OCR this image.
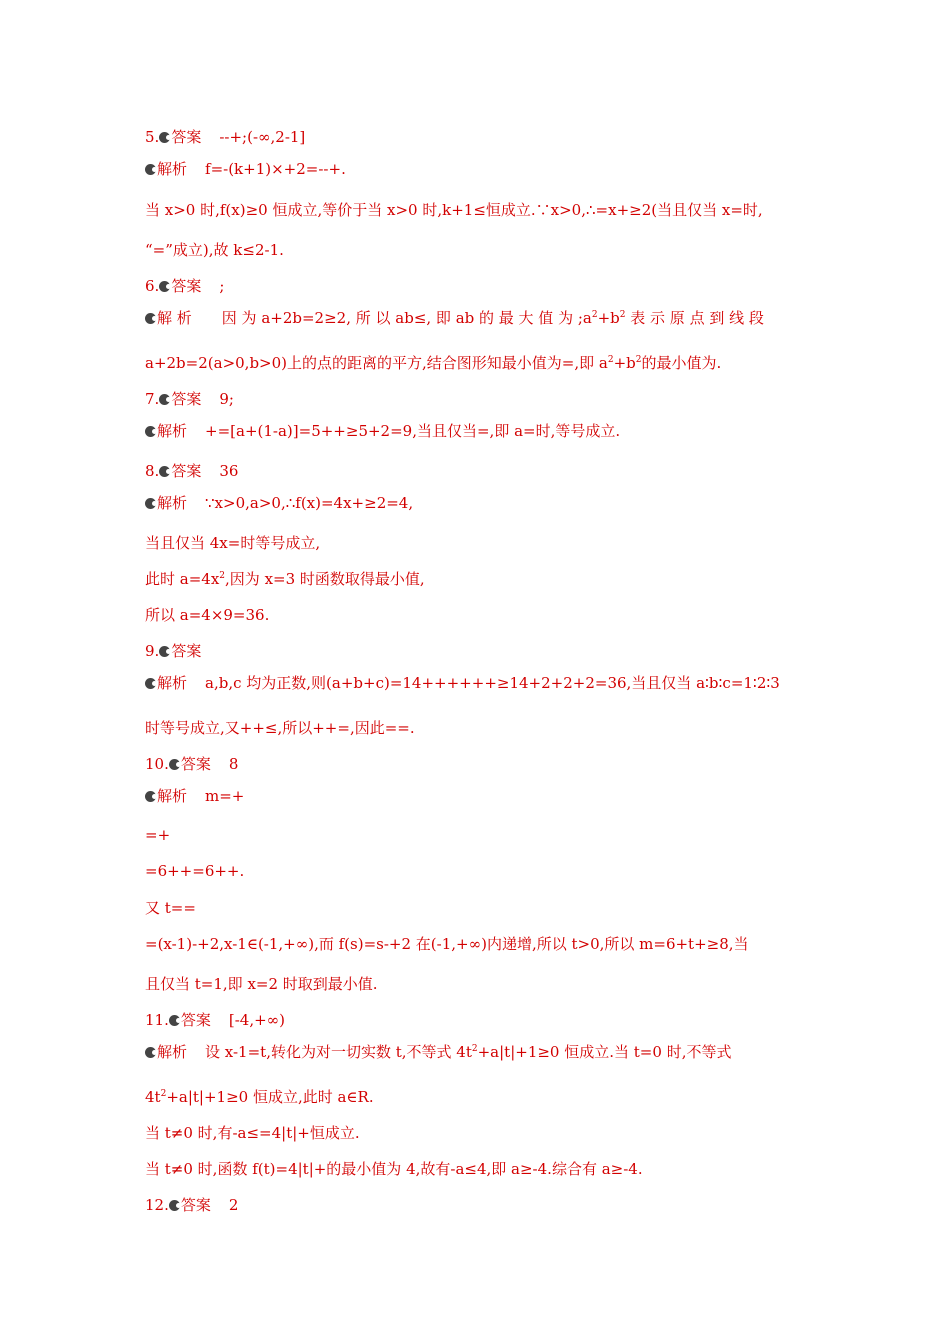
5. 答案 --+;(-∞,2-1]
解析 f=-(k+1)×+2=--+.
当 x>0 时,f(x)≥0 恒成立,等价于当 x>0 时,k+1≤恒成立.∵x>0,∴=x+≥2(当且仅当 x=时,
“=”成立),故 k≤2-1.
6. 答案 ;
解 析 因 为 a+2b=2≥2, 所 以 ab≤, 即 ab 的 最 大 值 为 $;a^2+b^2$ 表 示 原 点 到 线 段
a+2b=2(a>0,b>0)上的点的距离的平方,结合图形知最小值为=,即 $a^2+b^2$的最小值为.
7. 答案 9;
解析 +=[a+(1-a)]=5++≥5+2=9,当且仅当=,即 a=时,等号成立.
8. 答案 36
解析 ∵x>0,a>0,∴f(x)=4x+≥2=4,
当且仅当 4x=时等号成立,
此时 $a=4x^2$,因为 x=3 时函数取得最小值,
所以 a=4×9=36.
9. 答案
解析 a,b,c 均为正数,则(a+b+c)=14++++++≥14+2+2+2=36,当且仅当 a∶b∶c=1∶2∶3
时等号成立,又++≤,所以++=,因此==.
10. 答案 8
解析 m=+
=+
=6++=6++.
又 t==
=(x-1)-+2,x-1∈(-1,+∞),而 f(s)=s-+2 在(-1,+∞)内递增,所以 t>0,所以 m=6+t+≥8,当
且仅当 t=1,即 x=2 时取到最小值.
11. 答案 [-4,+∞)
解析 设 x-1=t,转化为对一切实数 t,不等式 $4t^2+a|t|+1\ge 0$ 恒成立.当 t=0 时,不等式
$4t^2+a|t|+1\ge 0$ 恒成立,此时 a∈R.
当 t≠0 时,有-a≤=4|t|+恒成立.
当 t≠0 时,函数 f(t)=4|t|+的最小值为 4,故有-a≤4,即 a≥-4.综合有 a≥-4.
12. 答案 2
